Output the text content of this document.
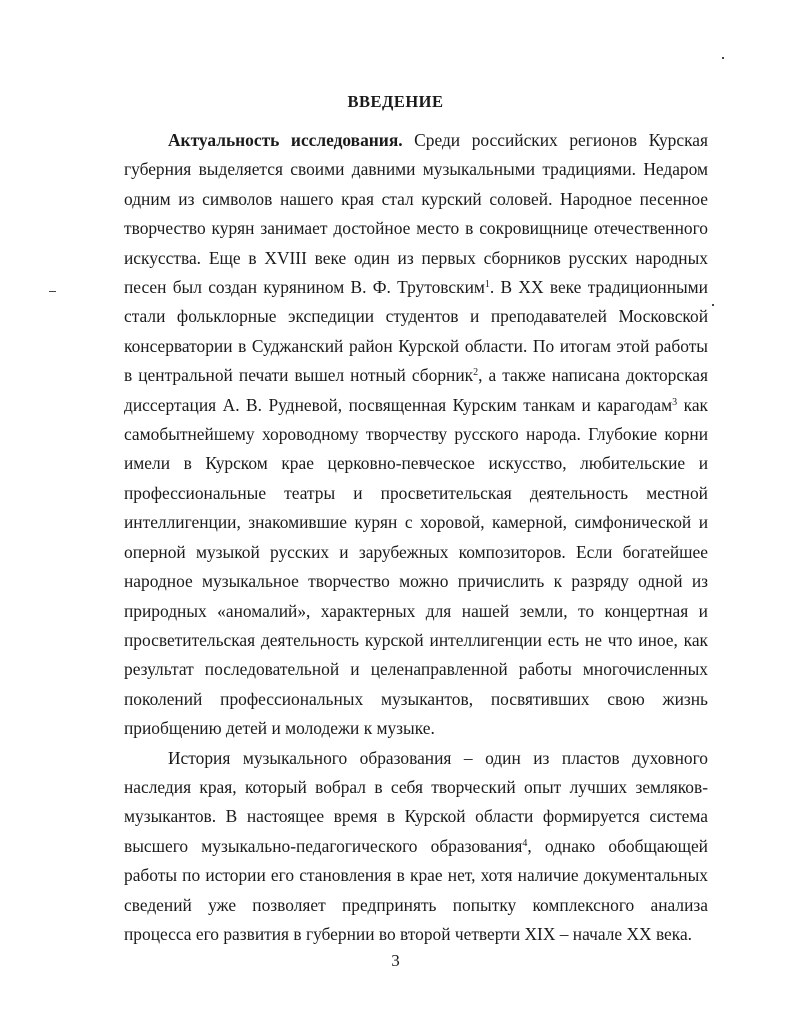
ВВЕДЕНИЕ

Актуальность исследования. Среди российских регионов Курская губерния выделяется своими давними музыкальными традициями. Недаром одним из символов нашего края стал курский соловей. Народное песенное творчество курян занимает достойное место в сокровищнице отечественного искусства. Еще в XVIII веке один из первых сборников русских народных песен был создан курянином В. Ф. Трутовским$^1$. В XX веке традиционными стали фольклорные экспедиции студентов и преподавателей Московской консерватории в Суджанский район Курской области. По итогам этой работы в центральной печати вышел нотный сборник$^2$, а также написана докторская диссертация А. В. Рудневой, посвященная Курским танкам и карагодам$^3$ как самобытнейшему хороводному творчеству русского народа. Глубокие корни имели в Курском крае церковно-певческое искусство, любительские и профессиональные театры и просветительская деятельность местной интеллигенции, знакомившие курян с хоровой, камерной, симфонической и оперной музыкой русских и зарубежных композиторов. Если богатейшее народное музыкальное творчество можно причислить к разряду одной из природных «аномалий», характерных для нашей земли, то концертная и просветительская деятельность курской интеллигенции есть не что иное, как результат последовательной и целенаправленной работы многочисленных поколений профессиональных музыкантов, посвятивших свою жизнь приобщению детей и молодежи к музыке.

История музыкального образования – один из пластов духовного наследия края, который вобрал в себя творческий опыт лучших земляков-музыкантов. В настоящее время в Курской области формируется система высшего музыкально-педагогического образования$^4$, однако обобщающей работы по истории его становления в крае нет, хотя наличие документальных сведений уже позволяет предпринять попытку комплексного анализа процесса его развития в губернии во второй четверти XIX – начале XX века.

3
